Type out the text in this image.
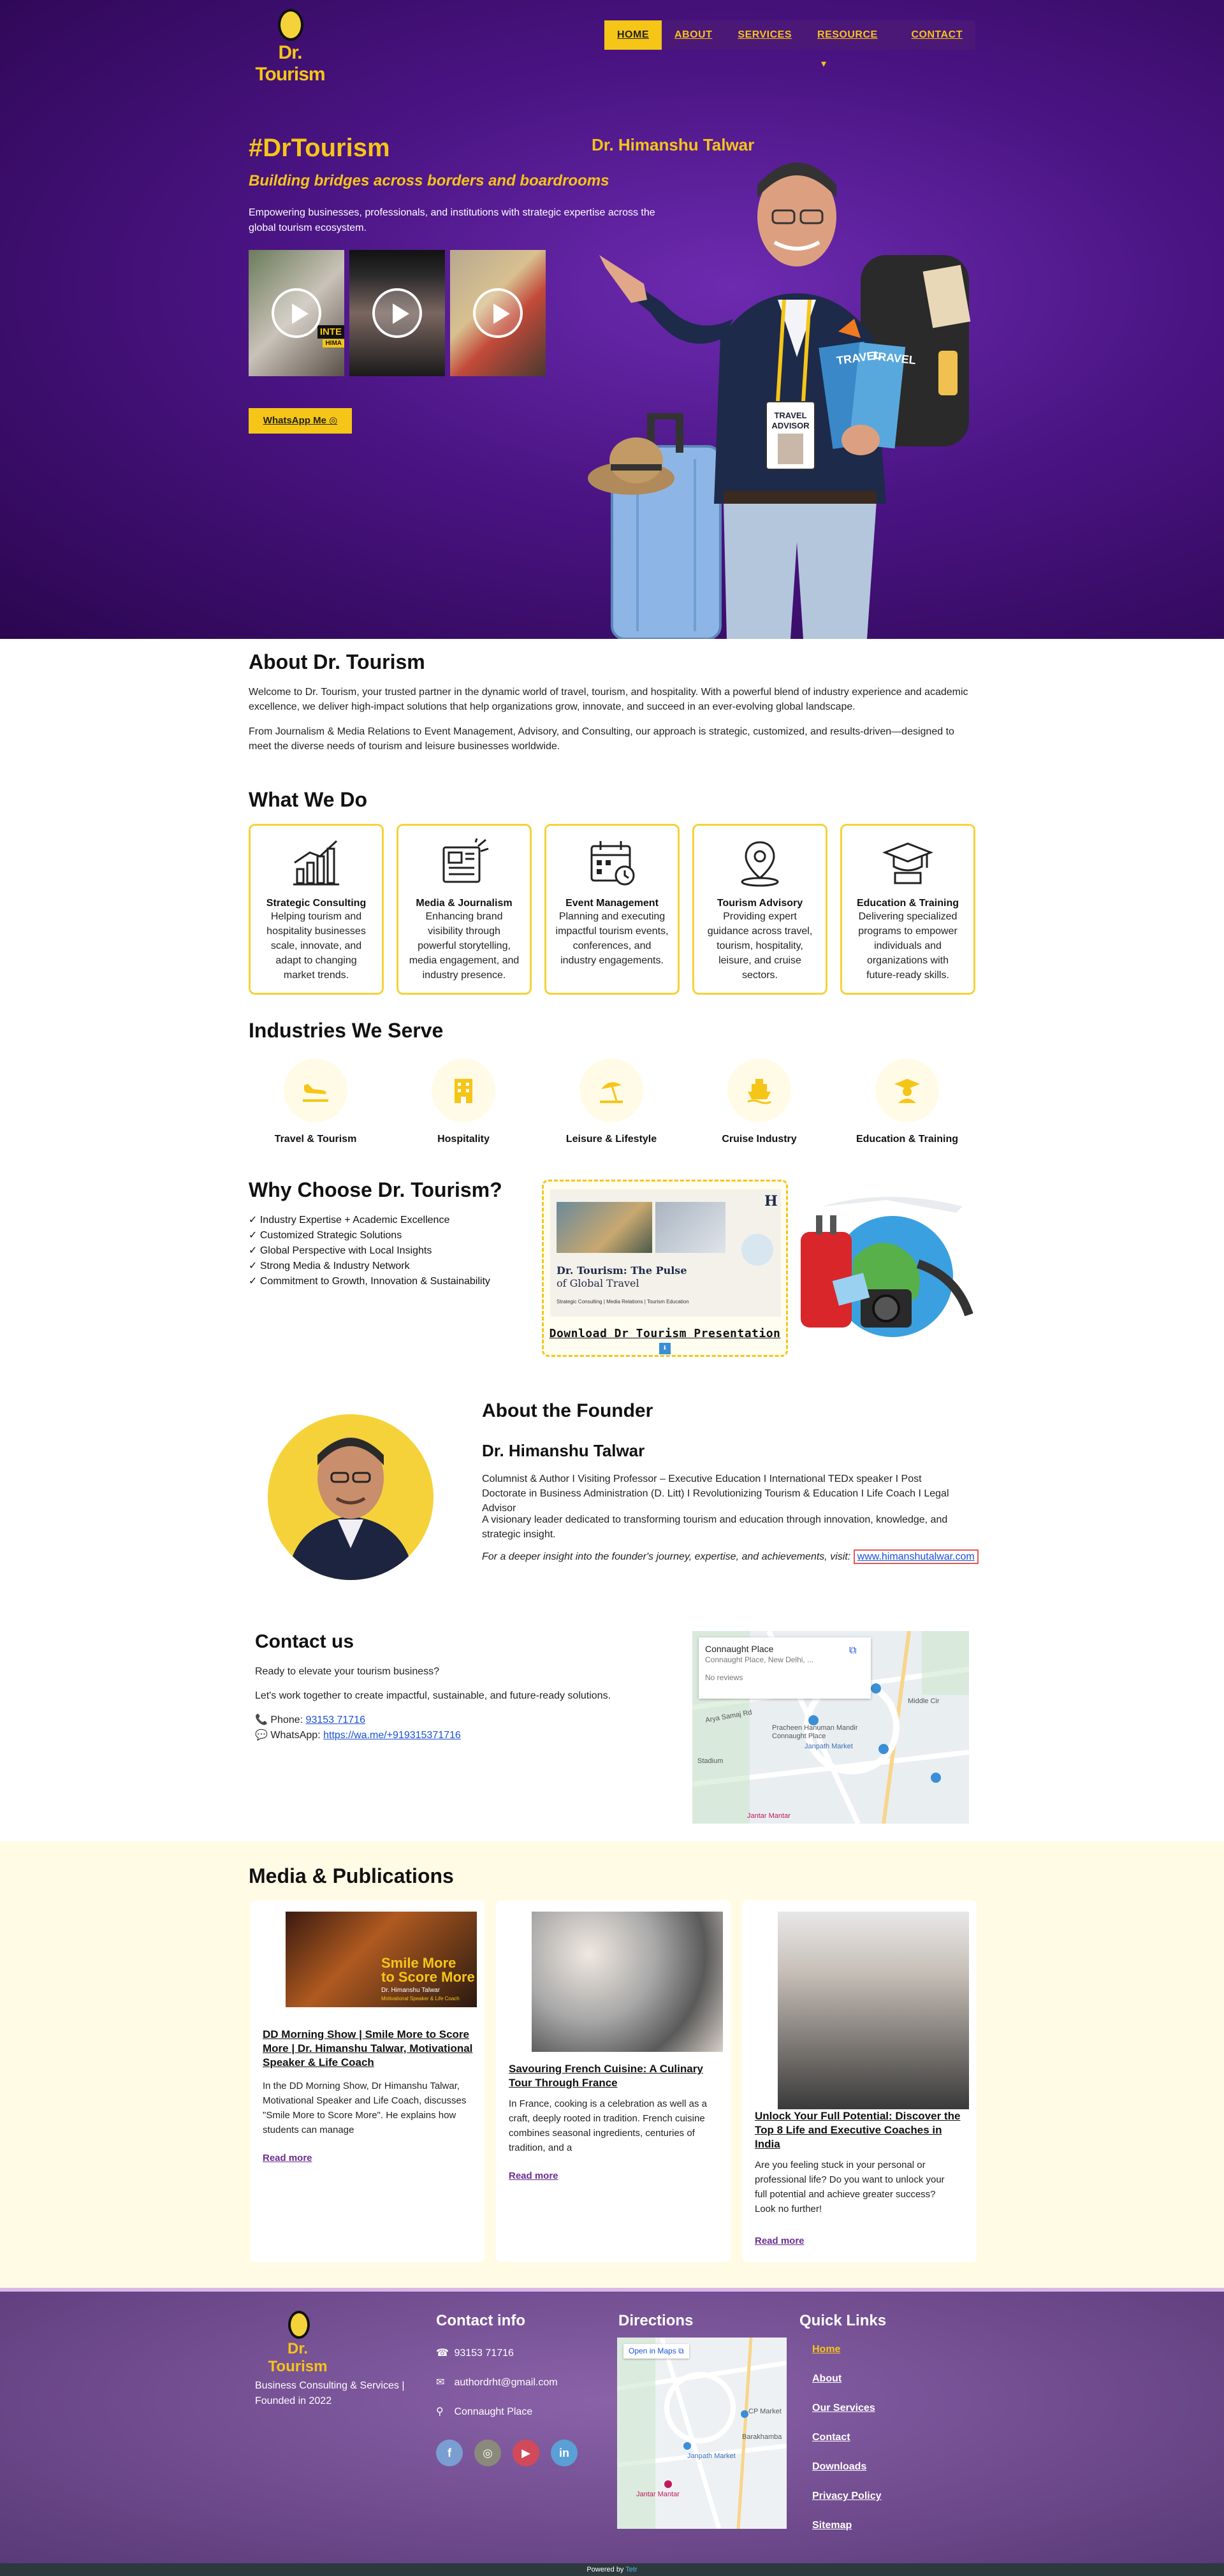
Dr. Tourism
HOME	ABOUT	SERVICES	RESOURCE ▾
CONTACT
#DrTourism
Building bridges across borders and boardrooms

Empowering businesses, professionals, and institutions with strategic expertise across the global tourism ecosystem.

INTE
HIMA
WhatsApp Me ◎
Dr. Himanshu Talwar
TRAVEL
ADVISOR
TRAVEL
TRAVEL
About Dr. Tourism

Welcome to Dr. Tourism, your trusted partner in the dynamic world of travel, tourism, and hospitality. With a powerful blend of industry experience and academic excellence, we deliver high-impact solutions that help organizations grow, innovate, and succeed in an ever-evolving global landscape.

From Journalism & Media Relations to Event Management, Advisory, and Consulting, our approach is strategic, customized, and results-driven—designed to meet the diverse needs of tourism and leisure businesses worldwide.

What We Do
Strategic Consulting
Helping tourism and hospitality businesses scale, innovate, and adapt to changing market trends.
Media & Journalism
Enhancing brand visibility through powerful storytelling, media engagement, and industry presence.
Event Management
Planning and executing impactful tourism events, conferences, and industry engagements.
Tourism Advisory
Providing expert guidance across travel, tourism, hospitality, leisure, and cruise sectors.
Education & Training
Delivering specialized programs to empower individuals and organizations with future-ready skills.
Industries We Serve
Travel & Tourism	Hospitality	Leisure & Lifestyle	Cruise Industry	Education & Training
Why Choose Dr. Tourism?
✓ Industry Expertise + Academic Excellence
✓ Customized Strategic Solutions
✓ Global Perspective with Local Insights
✓ Strong Media & Industry Network
✓ Commitment to Growth, Innovation & Sustainability
H
Dr. Tourism: The Pulse
of Global Travel
Strategic Consulting | Media Relations | Tourism Education
Download Dr Tourism Presentation ⬇
About the Founder
Dr. Himanshu Talwar

Columnist & Author I Visiting Professor – Executive Education I International TEDx speaker I Post Doctorate in Business Administration (D. Litt) I Revolutionizing Tourism & Education I Life Coach I Legal Advisor

A visionary leader dedicated to transforming tourism and education through innovation, knowledge, and strategic insight.

For a deeper insight into the founder's journey, expertise, and achievements, visit: www.himanshutalwar.com

Contact us

Ready to elevate your tourism business?

Let's work together to create impactful, sustainable, and future-ready solutions.

📞 Phone: 93153 71716

💬 WhatsApp: https://wa.me/+919315371716

Connaught Place
Connaught Place, New Delhi, ...
No reviews
⧉
Arya Samaj Rd
Pracheen Hanuman Mandir Connaught Place
Janpath Market
Middle Cir
Stadium
Jantar Mantar
Media & Publications
Smile More
to Score More
Dr. Himanshu Talwar
Motivational Speaker & Life Coach
DD Morning Show | Smile More to Score More | Dr. Himanshu Talwar, Motivational Speaker & Life Coach
In the DD Morning Show, Dr Himanshu Talwar, Motivational Speaker and Life Coach, discusses "Smile More to Score More". He explains how students can manage
Read more
Savouring French Cuisine: A Culinary Tour Through France
In France, cooking is a celebration as well as a craft, deeply rooted in tradition. French cuisine combines seasonal ingredients, centuries of tradition, and a
Read more
Unlock Your Full Potential: Discover the Top 8 Life and Executive Coaches in India
Are you feeling stuck in your personal or professional life? Do you want to unlock your full potential and achieve greater success? Look no further!
Read more
Dr. Tourism
Business Consulting & Services | Founded in 2022
Contact info
☎ 93153 71716
✉ authordrht@gmail.com
⚲ Connaught Place
f	◎	▶	in
Directions	Quick Links
Home
About
Our Services
Contact
Downloads
Privacy Policy
Sitemap
Open in Maps ⧉
Janpath Market
Jantar Mantar
Barakhamba
CP Market
Powered by Tetr
